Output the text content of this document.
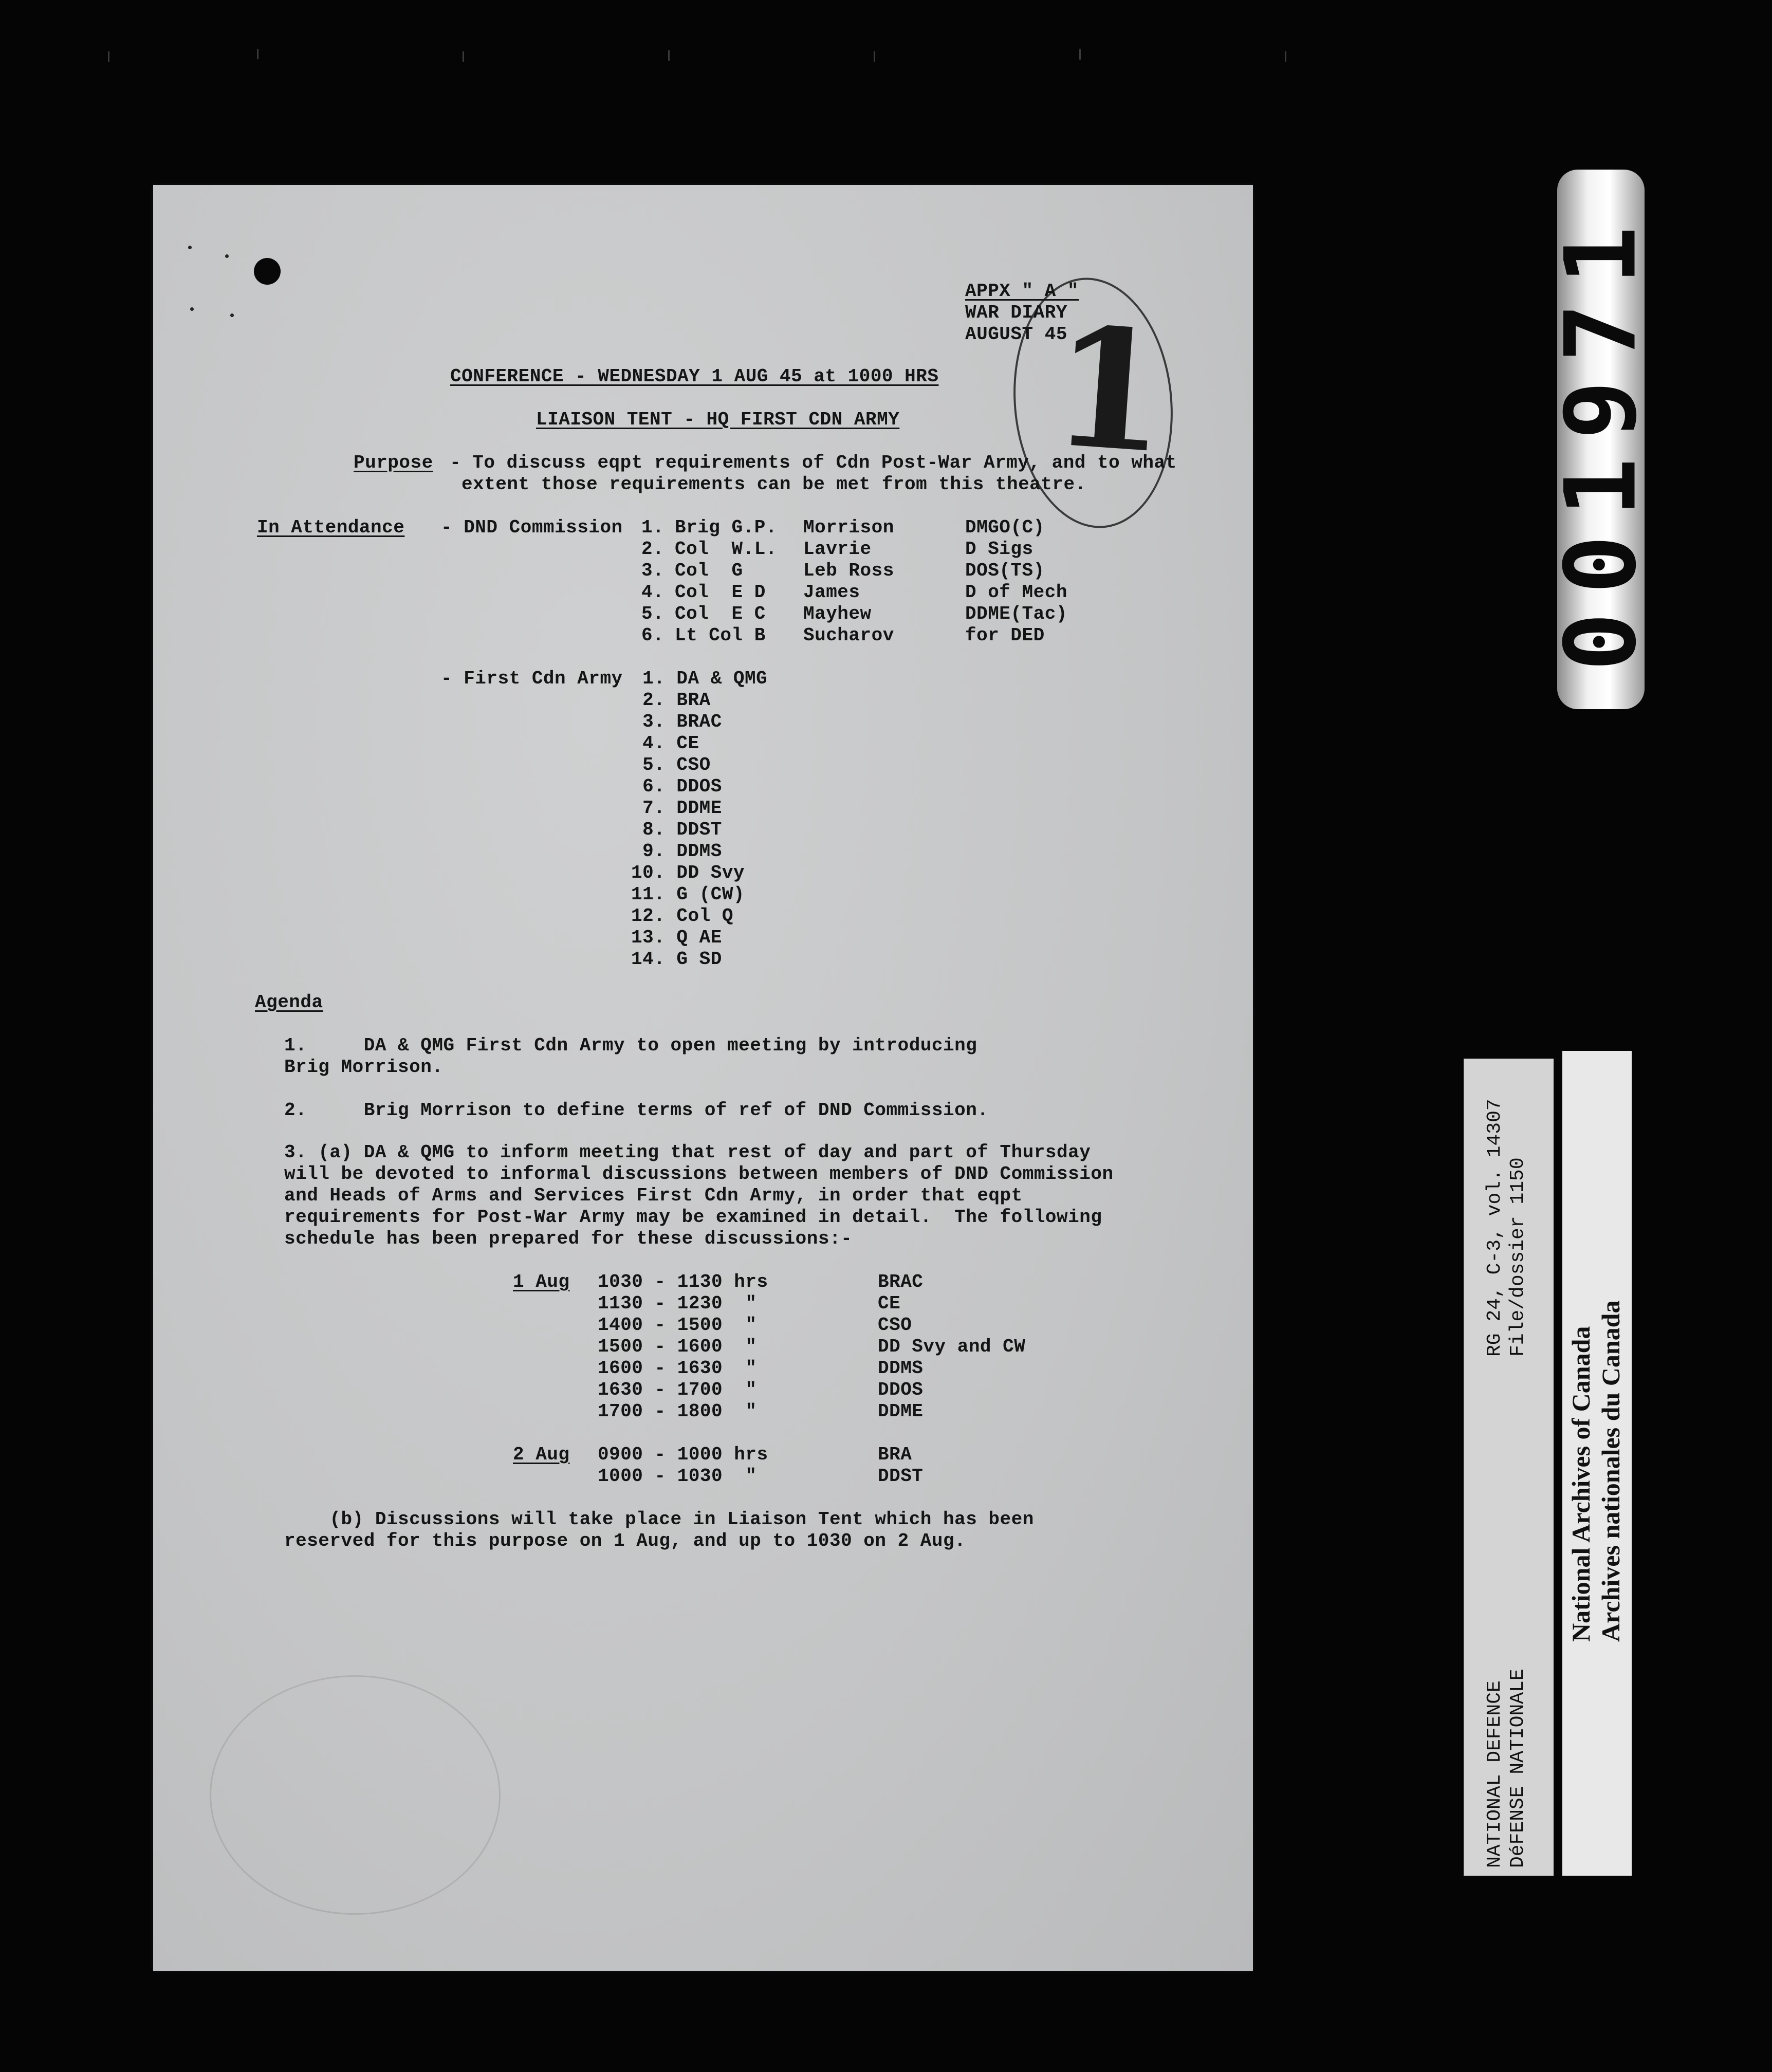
1
APPX " A "
WAR DIARY
AUGUST 45
CONFERENCE - WEDNESDAY 1 AUG 45 at 1000 HRS
LIAISON TENT - HQ FIRST CDN ARMY
Purpose - To discuss eqpt requirements of Cdn Post-War Army, and to what
extent those requirements can be met from this theatre.
In Attendance - DND Commission 1. Brig G.P. Morrison	DMGO(C)
2. Col  W.L. Lavrie	D Sigs
3. Col  G	Leb Ross	DOS(TS)
4. Col  E D James	D of Mech
5. Col  E C Mayhew	DDME(Tac)
6. Lt Col B Sucharov	for DED
- First Cdn Army 1. DA & QMG
2. BRA
3. BRAC
4. CE
5. CSO
6. DDOS
7. DDME
8. DDST
9. DDMS
10. DD Svy
11. G (CW)
12. Col Q
13. Q AE
14. G SD
Agenda
1.     DA & QMG First Cdn Army to open meeting by introducing
Brig Morrison.
2.     Brig Morrison to define terms of ref of DND Commission.
3. (a) DA & QMG to inform meeting that rest of day and part of Thursday
will be devoted to informal discussions between members of DND Commission
and Heads of Arms and Services First Cdn Army, in order that eqpt
requirements for Post-War Army may be examined in detail.  The following
schedule has been prepared for these discussions:-
1 Aug 1030 - 1130 hrs	BRAC
1130 - 1230  "	CE
1400 - 1500  "	CSO
1500 - 1600  "	DD Svy and CW
1600 - 1630  "	DDMS
1630 - 1700  "	DDOS
1700 - 1800  "	DDME
2 Aug 0900 - 1000 hrs	BRA
1000 - 1030  "	DDST
(b) Discussions will take place in Liaison Tent which has been
reserved for this purpose on 1 Aug, and up to 1030 on 2 Aug.
001971
RG 24, C-3, vol. 14307 File/dossier 1150
NATIONAL DEFENCE DéFENSE NATIONALE
National Archives of Canada Archives nationales du Canada
